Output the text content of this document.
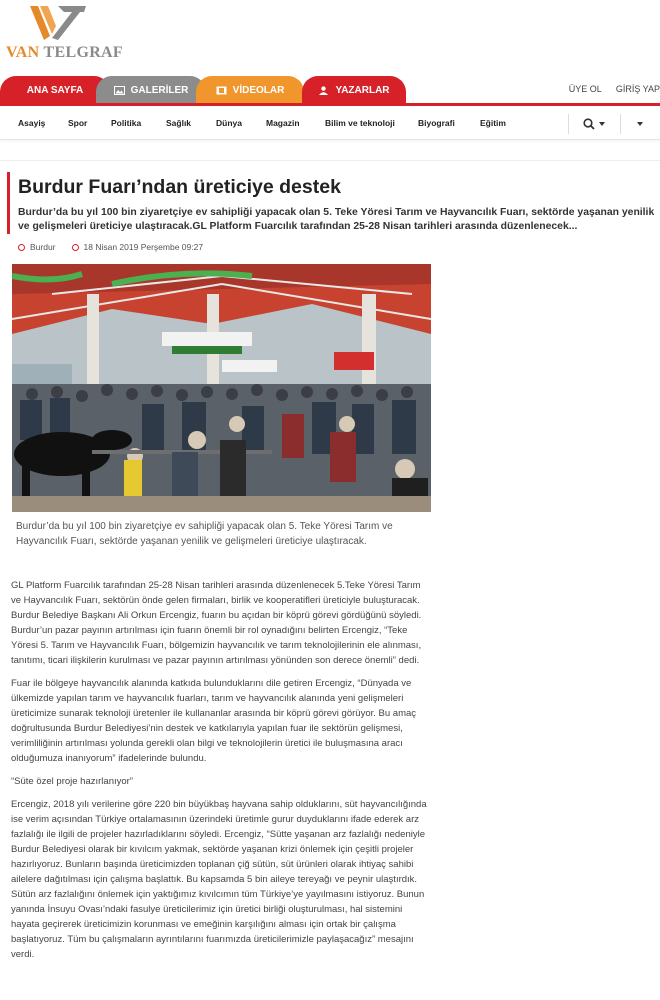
VAN TELGRAF
ANA SAYFA	GALERİLER	VİDEOLAR	YAZARLAR	ÜYE OL GİRİŞ YAP
Asayiş	Spor	Politika	Sağlık	Dünya	Magazin	Bilim ve teknoloji	Biyografi	Eğitim
Burdur Fuarı’ndan üreticiye destek
Burdur’da bu yıl 100 bin ziyaretçiye ev sahipliği yapacak olan 5. Teke Yöresi Tarım ve Hayvancılık Fuarı, sektörde yaşanan yenilik ve gelişmeleri üreticiye ulaştıracak.GL Platform Fuarcılık tarafından 25-28 Nisan tarihleri arasında düzenlenecek...
Burdur	18 Nisan 2019 Perşembe 09:27
Burdur’da bu yıl 100 bin ziyaretçiye ev sahipliği yapacak olan 5. Teke Yöresi Tarım ve Hayvancılık Fuarı, sektörde yaşanan yenilik ve gelişmeleri üreticiye ulaştıracak.

GL Platform Fuarcılık tarafından 25-28 Nisan tarihleri arasında düzenlenecek 5.Teke Yöresi Tarım ve Hayvancılık Fuarı, sektörün önde gelen firmaları, birlik ve kooperatifleri üreticiyle buluşturacak. Burdur Belediye Başkanı Ali Orkun Ercengiz, fuarın bu açıdan bir köprü görevi gördüğünü söyledi. Burdur’un pazar payının artırılması için fuarın önemli bir rol oynadığını belirten Ercengiz, “Teke Yöresi 5. Tarım ve Hayvancılık Fuarı, bölgemizin hayvancılık ve tarım teknolojilerinin ele alınması, tanıtımı, ticari ilişkilerin kurulması ve pazar payının artırılması yönünden son derece önemli” dedi.

Fuar ile bölgeye hayvancılık alanında katkıda bulunduklarını dile getiren Ercengiz, “Dünyada ve ülkemizde yapılan tarım ve hayvancılık fuarları, tarım ve hayvancılık alanında yeni gelişmeleri üreticimize sunarak teknoloji üretenler ile kullananlar arasında bir köprü görevi görüyor. Bu amaç doğrultusunda Burdur Belediyesi’nin destek ve katkılarıyla yapılan fuar ile sektörün gelişmesi, verimliliğinin artırılması yolunda gerekli olan bilgi ve teknolojilerin üretici ile buluşmasına aracı olduğumuza inanıyorum” ifadelerinde bulundu.

“Süte özel proje hazırlanıyor”

Ercengiz, 2018 yılı verilerine göre 220 bin büyükbaş hayvana sahip olduklarını, süt hayvancılığında ise verim açısından Türkiye ortalamasının üzerindeki üretimle gurur duyduklarını ifade ederek arz fazlalığı ile ilgili de projeler hazırladıklarını söyledi. Ercengiz, “Sütte yaşanan arz fazlalığı nedeniyle Burdur Belediyesi olarak bir kıvılcım yakmak, sektörde yaşanan krizi önlemek için çeşitli projeler hazırlıyoruz. Bunların başında üreticimizden toplanan çiğ sütün, süt ürünleri olarak ihtiyaç sahibi ailelere dağıtılması için çalışma başlattık. Bu kapsamda 5 bin aileye tereyağı ve peynir ulaştırdık. Sütün arz fazlalığını önlemek için yaktığımız kıvılcımın tüm Türkiye’ye yayılmasını istiyoruz. Bunun yanında İnsuyu Ovası’ndaki fasulye üreticilerimiz için üretici birliği oluşturulması, hal sistemini hayata geçirerek üreticimizin korunması ve emeğinin karşılığını alması için ortak bir çalışma başlatıyoruz. Tüm bu çalışmaların ayrıntılarını fuarımızda üreticilerimizle paylaşacağız” mesajını verdi.
